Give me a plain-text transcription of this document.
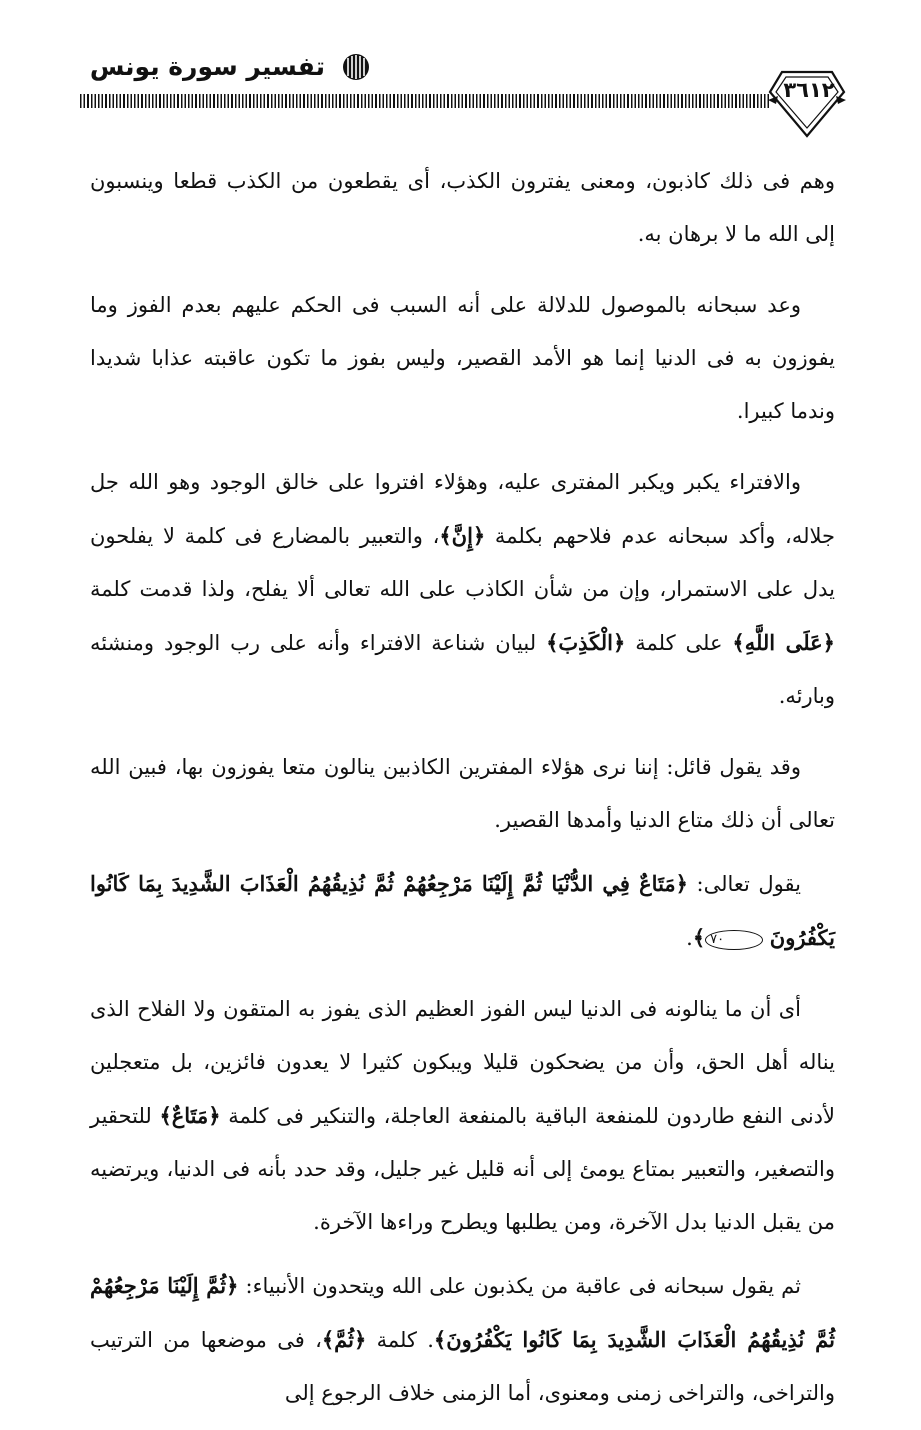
تفسير سورة يونس
٣٦١٢

وهم فى ذلك كاذبون، ومعنى يفترون الكذب، أى يقطعون من الكذب قطعا وينسبون إلى الله ما لا برهان به.

وعد سبحانه بالموصول للدلالة على أنه السبب فى الحكم عليهم بعدم الفوز وما يفوزون به فى الدنيا إنما هو الأمد القصير، وليس بفوز ما تكون عاقبته عذابا شديدا وندما كبيرا.

والافتراء يكبر ويكبر المفترى عليه، وهؤلاء افتروا على خالق الوجود وهو الله جل جلاله، وأكد سبحانه عدم فلاحهم بكلمة ﴿إِنَّ﴾، والتعبير بالمضارع فى كلمة لا يفلحون يدل على الاستمرار، وإن من شأن الكاذب على الله تعالى ألا يفلح، ولذا قدمت كلمة ﴿عَلَى اللَّهِ﴾ على كلمة ﴿الْكَذِبَ﴾ لبيان شناعة الافتراء وأنه على رب الوجود ومنشئه وبارئه.

وقد يقول قائل: إننا نرى هؤلاء المفترين الكاذبين ينالون متعا يفوزون بها، فبين الله تعالى أن ذلك متاع الدنيا وأمدها القصير.

يقول تعالى: ﴿مَتَاعٌ فِي الدُّنْيَا ثُمَّ إِلَيْنَا مَرْجِعُهُمْ ثُمَّ نُذِيقُهُمُ الْعَذَابَ الشَّدِيدَ بِمَا كَانُوا يَكْفُرُونَ ٧٠﴾.

أى أن ما ينالونه فى الدنيا ليس الفوز العظيم الذى يفوز به المتقون ولا الفلاح الذى يناله أهل الحق، وأن من يضحكون قليلا ويبكون كثيرا لا يعدون فائزين، بل متعجلين لأدنى النفع طاردون للمنفعة الباقية بالمنفعة العاجلة، والتنكير فى كلمة ﴿مَتَاعٌ﴾ للتحقير والتصغير، والتعبير بمتاع يومئ إلى أنه قليل غير جليل، وقد حدد بأنه فى الدنيا، ويرتضيه من يقبل الدنيا بدل الآخرة، ومن يطلبها ويطرح وراءها الآخرة.

ثم يقول سبحانه فى عاقبة من يكذبون على الله ويتحدون الأنبياء: ﴿ثُمَّ إِلَيْنَا مَرْجِعُهُمْ ثُمَّ نُذِيقُهُمُ الْعَذَابَ الشَّدِيدَ بِمَا كَانُوا يَكْفُرُونَ﴾. كلمة ﴿ثُمَّ﴾، فى موضعها من الترتيب والتراخى، والتراخى زمنى ومعنوى، أما الزمنى خلاف الرجوع إلى
